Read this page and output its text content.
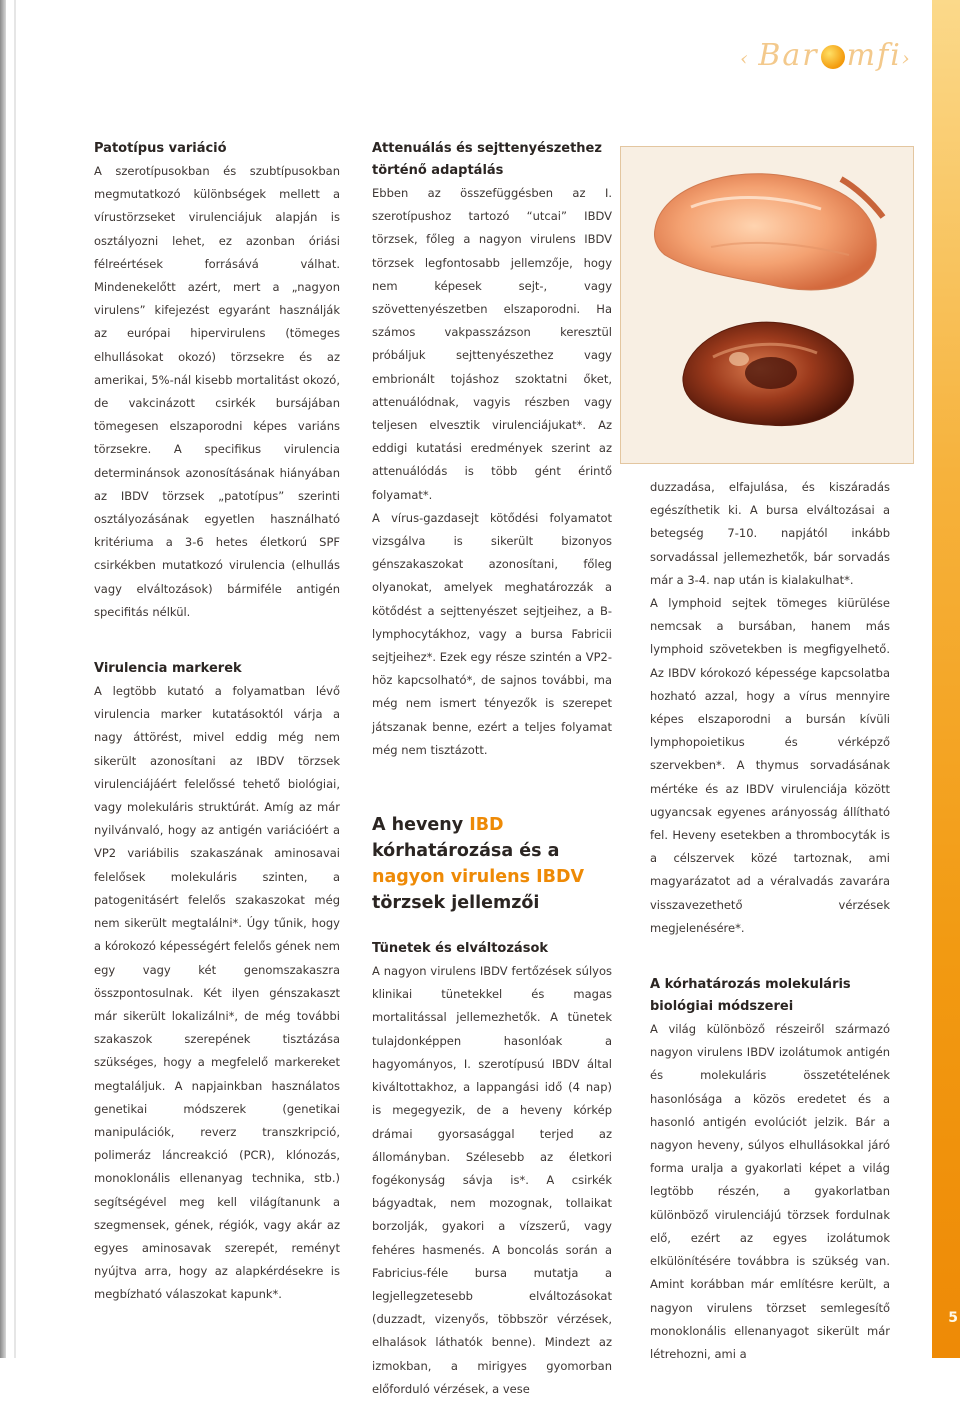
‹ Bar mfi›
Patotípus variáció

A szerotípusokban és szubtípusokban megmutatkozó különbségek mellett a vírustörzseket virulenciájuk alapján is osztályozni lehet, ez azonban óriási félreértések forrásává válhat. Mindenekelőtt azért, mert a „nagyon virulens” kifejezést egyaránt használják az európai hipervirulens (tömeges elhullásokat okozó) törzsekre és az amerikai, 5%-nál kisebb mortalitást okozó, de vakcinázott csirkék bursájában tömegesen elszaporodni képes variáns törzsekre. A specifikus virulencia determinánsok azonosításának hiányában az IBDV törzsek „patotípus” szerinti osztályozásának egyetlen használható kritériuma a 3-6 hetes életkorú SPF csirkékben mutatkozó virulencia (elhullás vagy elváltozások) bármiféle antigén specifitás nélkül.

Virulencia markerek

A legtöbb kutató a folyamatban lévő virulencia marker kutatásoktól várja a nagy áttörést, mivel eddig még nem sikerült azonosítani az IBDV törzsek virulenciájáért felelőssé tehető biológiai, vagy molekuláris struktúrát. Amíg az már nyilvánvaló, hogy az antigén variációért a VP2 variábilis szakaszának aminosavai felelősek molekuláris szinten, a patogenitásért felelős szakaszokat még nem sikerült megtalálni*. Úgy tűnik, hogy a kórokozó képességért felelős gének nem egy vagy két genomszakaszra összpontosulnak. Két ilyen génszakaszt már sikerült lokalizálni*, de még további szakaszok szerepének tisztázása szükséges, hogy a megfelelő markereket megtaláljuk. A napjainkban használatos genetikai módszerek (genetikai manipulációk, reverz transzkripció, polimeráz láncreakció (PCR), klónozás, monoklonális ellenanyag technika, stb.) segítségével meg kell világítanunk a szegmensek, gének, régiók, vagy akár az egyes aminosavak szerepét, reményt nyújtva arra, hogy az alapkérdésekre is megbízható válaszokat kapunk*.

Attenuálás és sejttenyészethez történő adaptálás

Ebben az összefüggésben az I. szerotípushoz tartozó “utcai” IBDV törzsek, főleg a nagyon virulens IBDV törzsek legfontosabb jellemzője, hogy nem képesek sejt-, vagy szövettenyészetben elszaporodni. Ha számos vakpasszázson keresztül próbáljuk sejttenyészethez vagy embrionált tojáshoz szoktatni őket, attenuálódnak, vagyis részben vagy teljesen elvesztik virulenciájukat*. Az eddigi kutatási eredmények szerint az attenuálódás is több gént érintő folyamat*.

A vírus-gazdasejt kötődési folyamatot vizsgálva is sikerült bizonyos génszakaszokat azonosítani, főleg olyanokat, amelyek meghatározzák a kötődést a sejttenyészet sejtjeihez, a B- lymphocytákhoz, vagy a bursa Fabricii sejtjeihez*. Ezek egy része szintén a VP2-höz kapcsolható*, de sajnos további, ma még nem ismert tényezők is szerepet játszanak benne, ezért a teljes folyamat még nem tisztázott.

A heveny IBD kórhatározása és a nagyon virulens IBDV törzsek jellemzői
Tünetek és elváltozások

A nagyon virulens IBDV fertőzések súlyos klinikai tünetekkel és magas mortalitással jellemezhetők. A tünetek tulajdonképpen hasonlóak a hagyományos, I. szerotípusú IBDV által kiváltottakhoz, a lappangási idő (4 nap) is megegyezik, de a heveny kórkép drámai gyorsasággal terjed az állományban. Szélesebb az életkori fogékonyság sávja is*. A csirkék bágyadtak, nem mozognak, tollaikat borzolják, gyakori a vízszerű, vagy fehéres hasmenés. A boncolás során a Fabricius-féle bursa mutatja a legjellegzetesebb elváltozásokat (duzzadt, vizenyős, többször vérzések, elhalások láthatók benne). Mindezt az izmokban, a mirigyes gyomorban előforduló vérzések, a vese

duzzadása, elfajulása, és kiszáradás egészíthetik ki. A bursa elváltozásai a betegség 7-10. napjától inkább sorvadással jellemezhetők, bár sorvadás már a 3-4. nap után is kialakulhat*.

A lymphoid sejtek tömeges kiürülése nemcsak a bursában, hanem más lymphoid szövetekben is megfigyelhető. Az IBDV kórokozó képessége kapcsolatba hozható azzal, hogy a vírus mennyire képes elszaporodni a bursán kívüli lymphopoietikus és vérképző szervekben*. A thymus sorvadásának mértéke és az IBDV virulenciája között ugyancsak egyenes arányosság állítható fel. Heveny esetekben a thrombocyták is a célszervek közé tartoznak, ami magyarázatot ad a véralvadás zavarára visszavezethető vérzések megjelenésére*.

A kórhatározás molekuláris biológiai módszerei

A világ különböző részeiről származó nagyon virulens IBDV izolátumok antigén és molekuláris összetételének hasonlósága a közös eredetet és a hasonló antigén evolúciót jelzik. Bár a nagyon heveny, súlyos elhullásokkal járó forma uralja a gyakorlati képet a világ legtöbb részén, a gyakorlatban különböző virulenciájú törzsek fordulnak elő, ezért az egyes izolátumok elkülönítésére továbbra is szükség van. Amint korábban már említésre került, a nagyon virulens törzset semlegesítő monoklonális ellenanyagot sikerült már létrehozni, ami a

5
